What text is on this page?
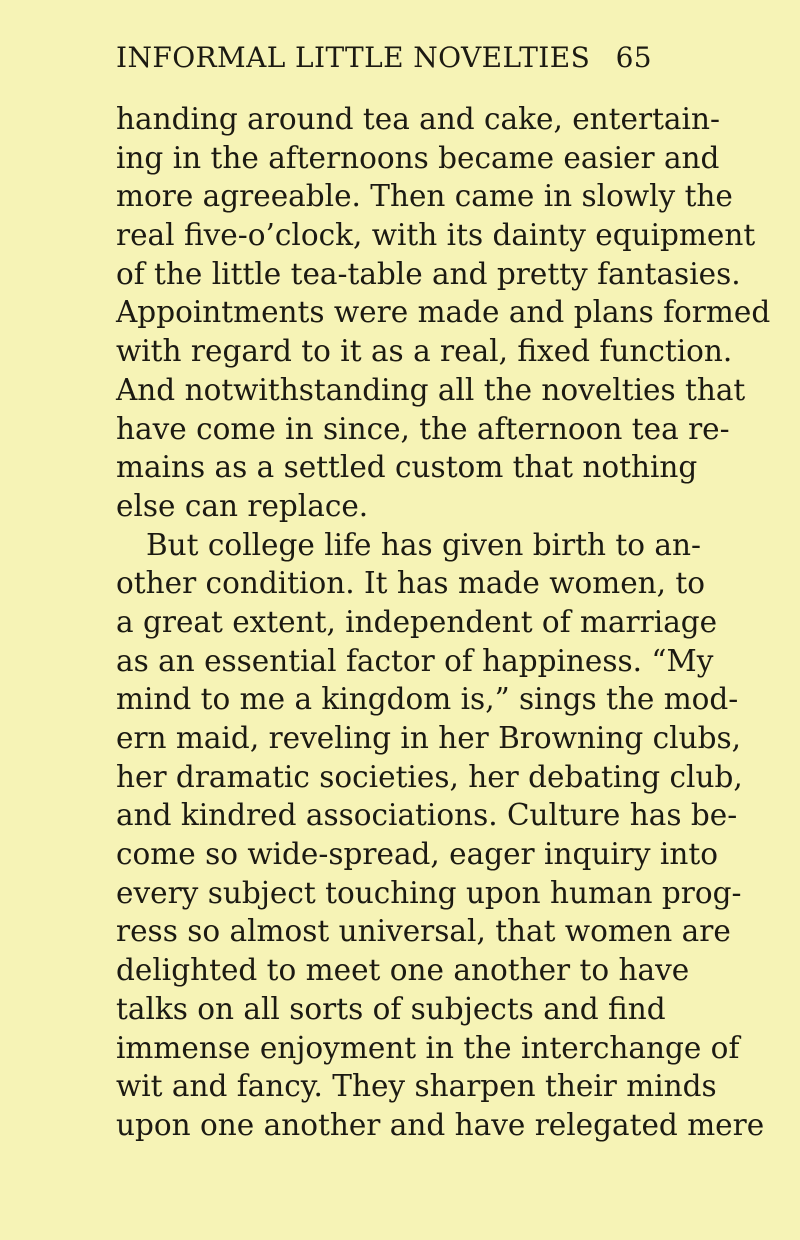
INFORMAL LITTLE NOVELTIES 65
handing around tea and cake, entertain-
ing in the afternoons became easier and
more agreeable. Then came in slowly the
real five-o’clock, with its dainty equipment
of the little tea-table and pretty fantasies.
Appointments were made and plans formed
with regard to it as a real, fixed function.
And notwithstanding all the novelties that
have come in since, the afternoon tea re-
mains as a settled custom that nothing
else can replace.
But college life has given birth to an-
other condition. It has made women, to
a great extent, independent of marriage
as an essential factor of happiness. “My
mind to me a kingdom is,” sings the mod-
ern maid, reveling in her Browning clubs,
her dramatic societies, her debating club,
and kindred associations. Culture has be-
come so wide-spread, eager inquiry into
every subject touching upon human prog-
ress so almost universal, that women are
delighted to meet one another to have
talks on all sorts of subjects and find
immense enjoyment in the interchange of
wit and fancy. They sharpen their minds
upon one another and have relegated mere
